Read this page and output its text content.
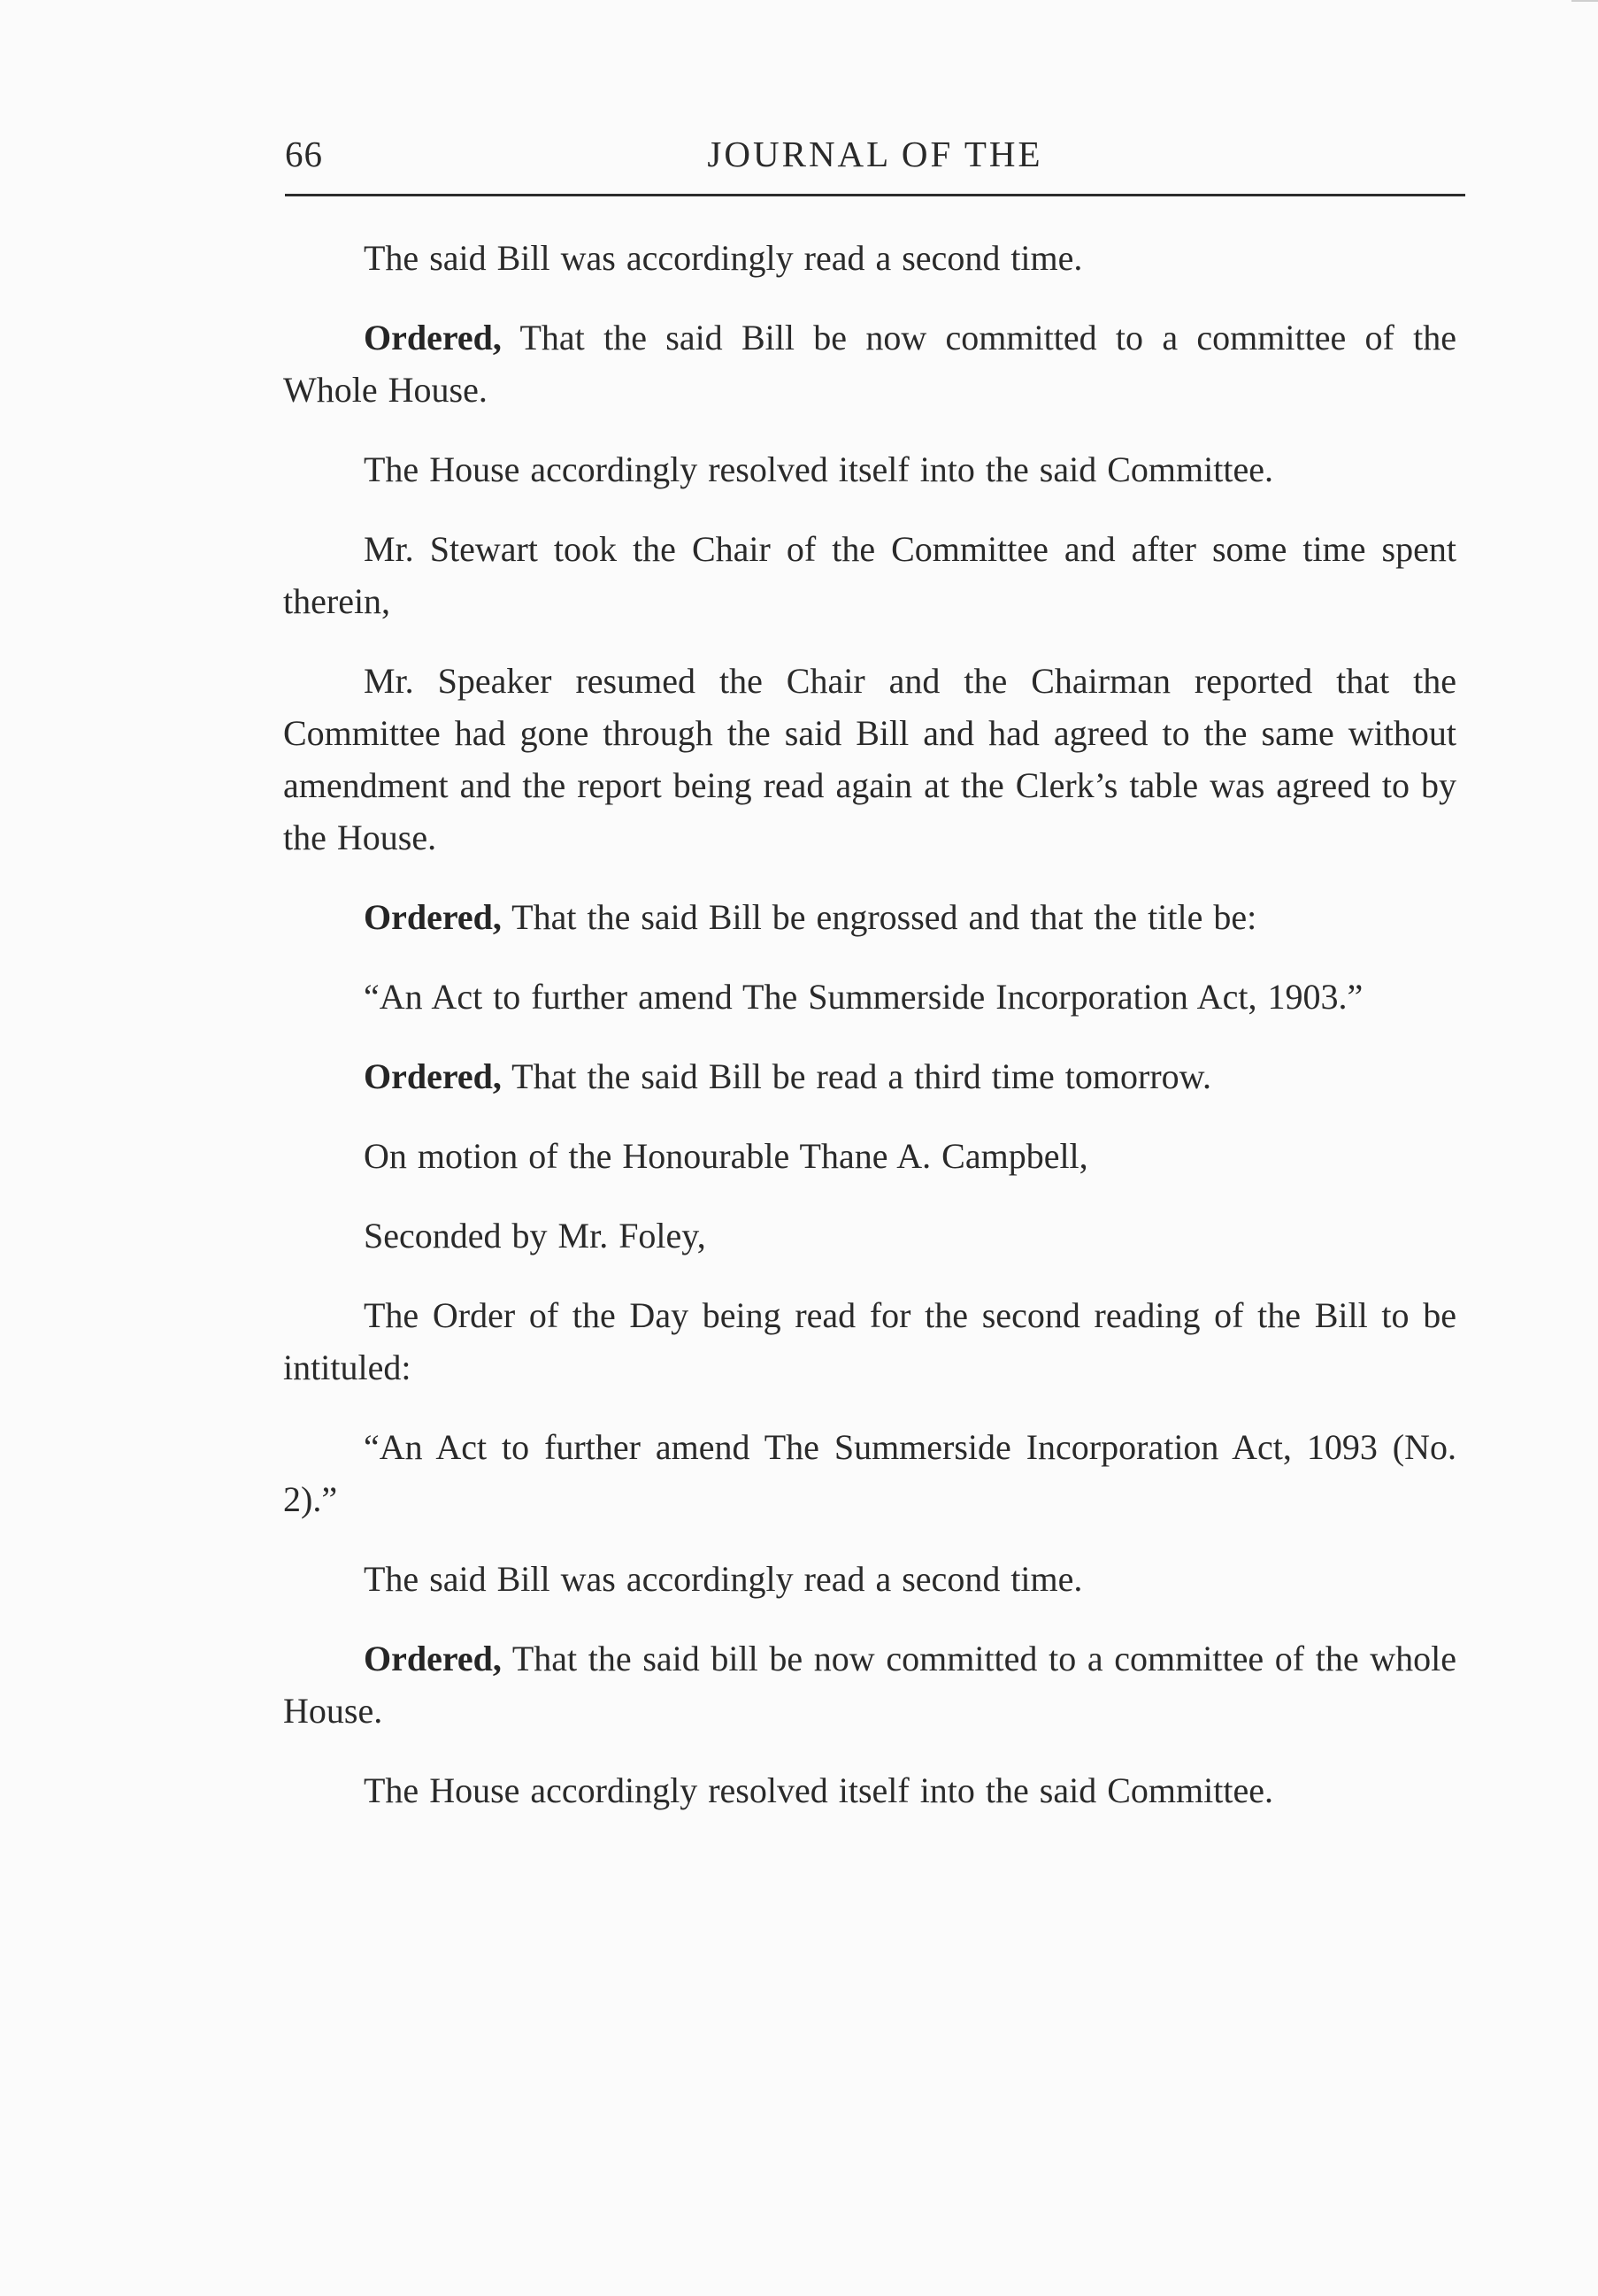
66	JOURNAL OF THE

The said Bill was accordingly read a second time.

Ordered, That the said Bill be now committed to a committee of the Whole House.

The House accordingly resolved itself into the said Committee.

Mr. Stewart took the Chair of the Committee and after some time spent therein,

Mr. Speaker resumed the Chair and the Chairman reported that the Committee had gone through the said Bill and had agreed to the same without amendment and the report being read again at the Clerk’s table was agreed to by the House.

Ordered, That the said Bill be engrossed and that the title be:

“An Act to further amend The Summerside Incorporation Act, 1903.”

Ordered, That the said Bill be read a third time tomorrow.

On motion of the Honourable Thane A. Campbell,

Seconded by Mr. Foley,

The Order of the Day being read for the second reading of the Bill to be intituled:

“An Act to further amend The Summerside Incorporation Act, 1093 (No. 2).”

The said Bill was accordingly read a second time.

Ordered, That the said bill be now committed to a committee of the whole House.

The House accordingly resolved itself into the said Committee.
